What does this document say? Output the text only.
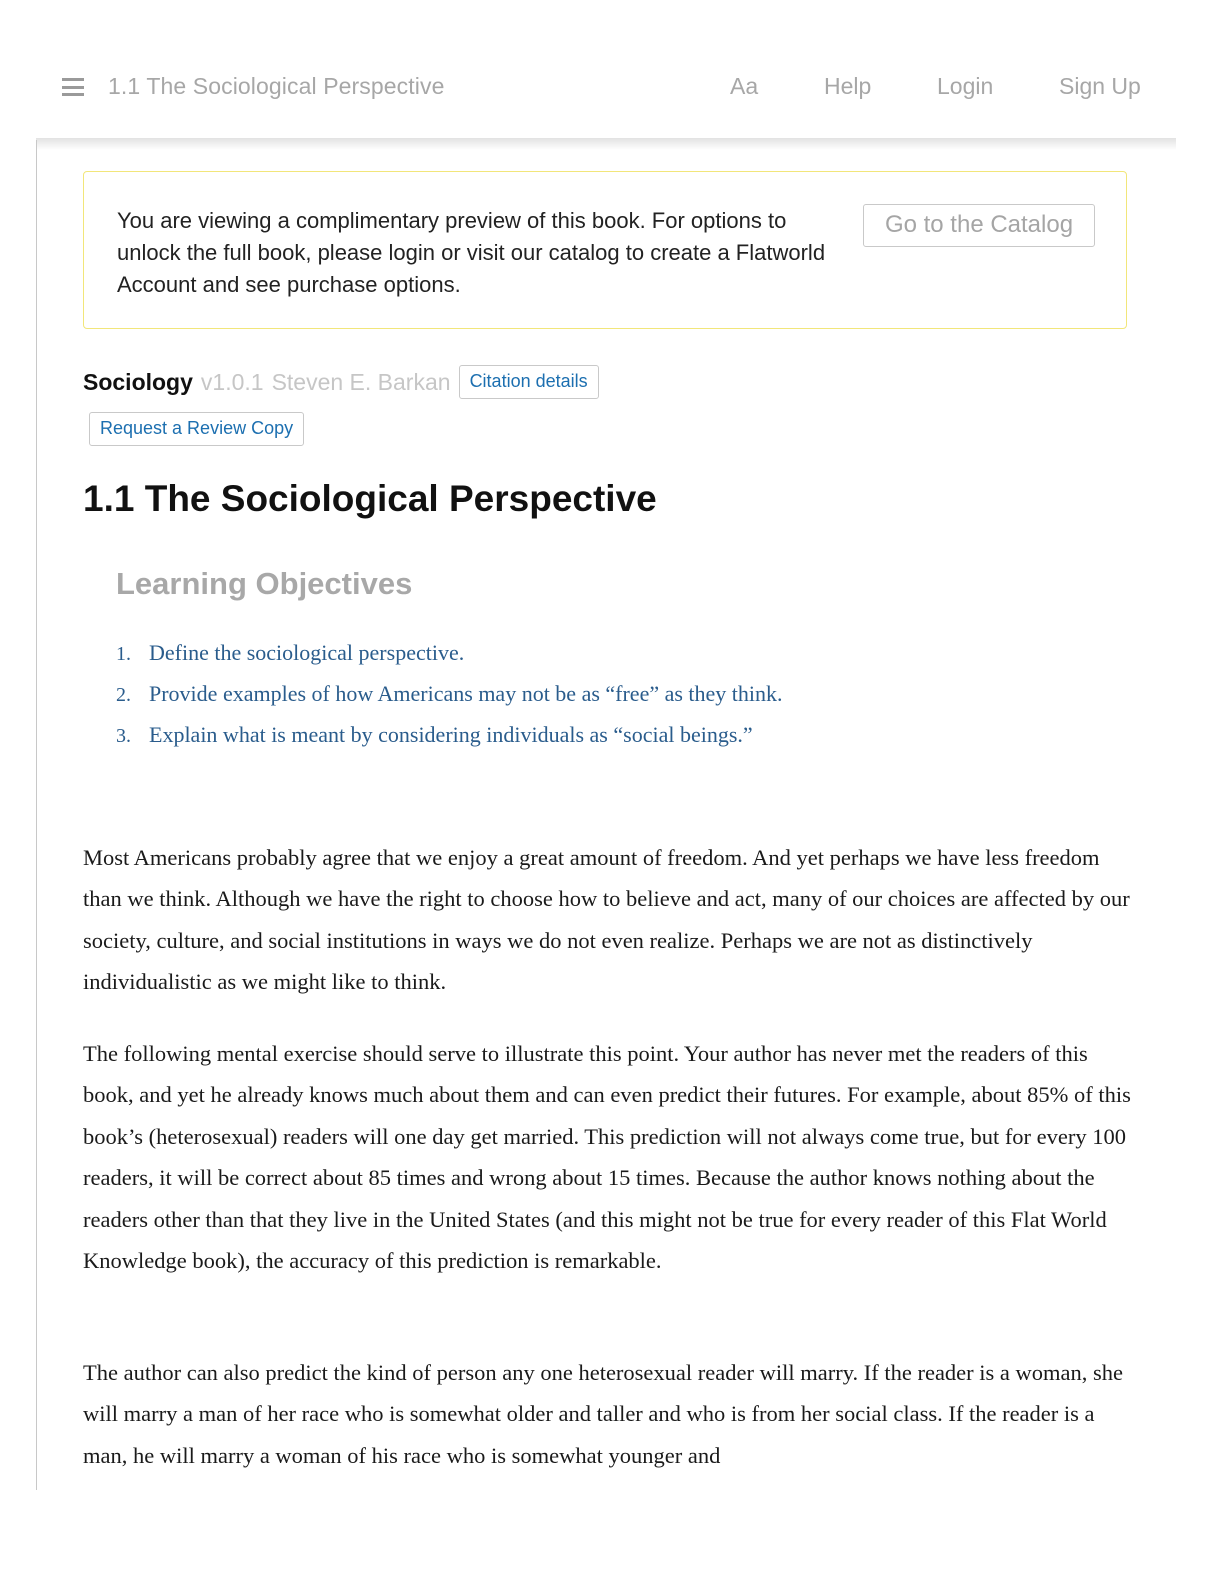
1.1 The Sociological Perspective	Aa	Help	Login	Sign Up
You are viewing a complimentary preview of this book. For options to unlock the full book, please login or visit our catalog to create a Flatworld Account and see purchase options.
Go to the Catalog
Sociology v1.0.1 Steven E. Barkan	Citation details
Request a Review Copy
1.1 The Sociological Perspective
Learning Objectives
1. Define the sociological perspective.
2. Provide examples of how Americans may not be as “free” as they think.
3. Explain what is meant by considering individuals as “social beings.”

Most Americans probably agree that we enjoy a great amount of freedom. And yet perhaps we have less freedom than we think. Although we have the right to choose how to believe and act, many of our choices are affected by our society, culture, and social institutions in ways we do not even realize. Perhaps we are not as distinctively individualistic as we might like to think.

The following mental exercise should serve to illustrate this point. Your author has never met the readers of this book, and yet he already knows much about them and can even predict their futures. For example, about 85% of this book’s (heterosexual) readers will one day get married. This prediction will not always come true, but for every 100 readers, it will be correct about 85 times and wrong about 15 times. Because the author knows nothing about the readers other than that they live in the United States (and this might not be true for every reader of this Flat World Knowledge book), the accuracy of this prediction is remarkable.

The author can also predict the kind of person any one heterosexual reader will marry. If the reader is a woman, she will marry a man of her race who is somewhat older and taller and who is from her social class. If the reader is a man, he will marry a woman of his race who is somewhat younger and
